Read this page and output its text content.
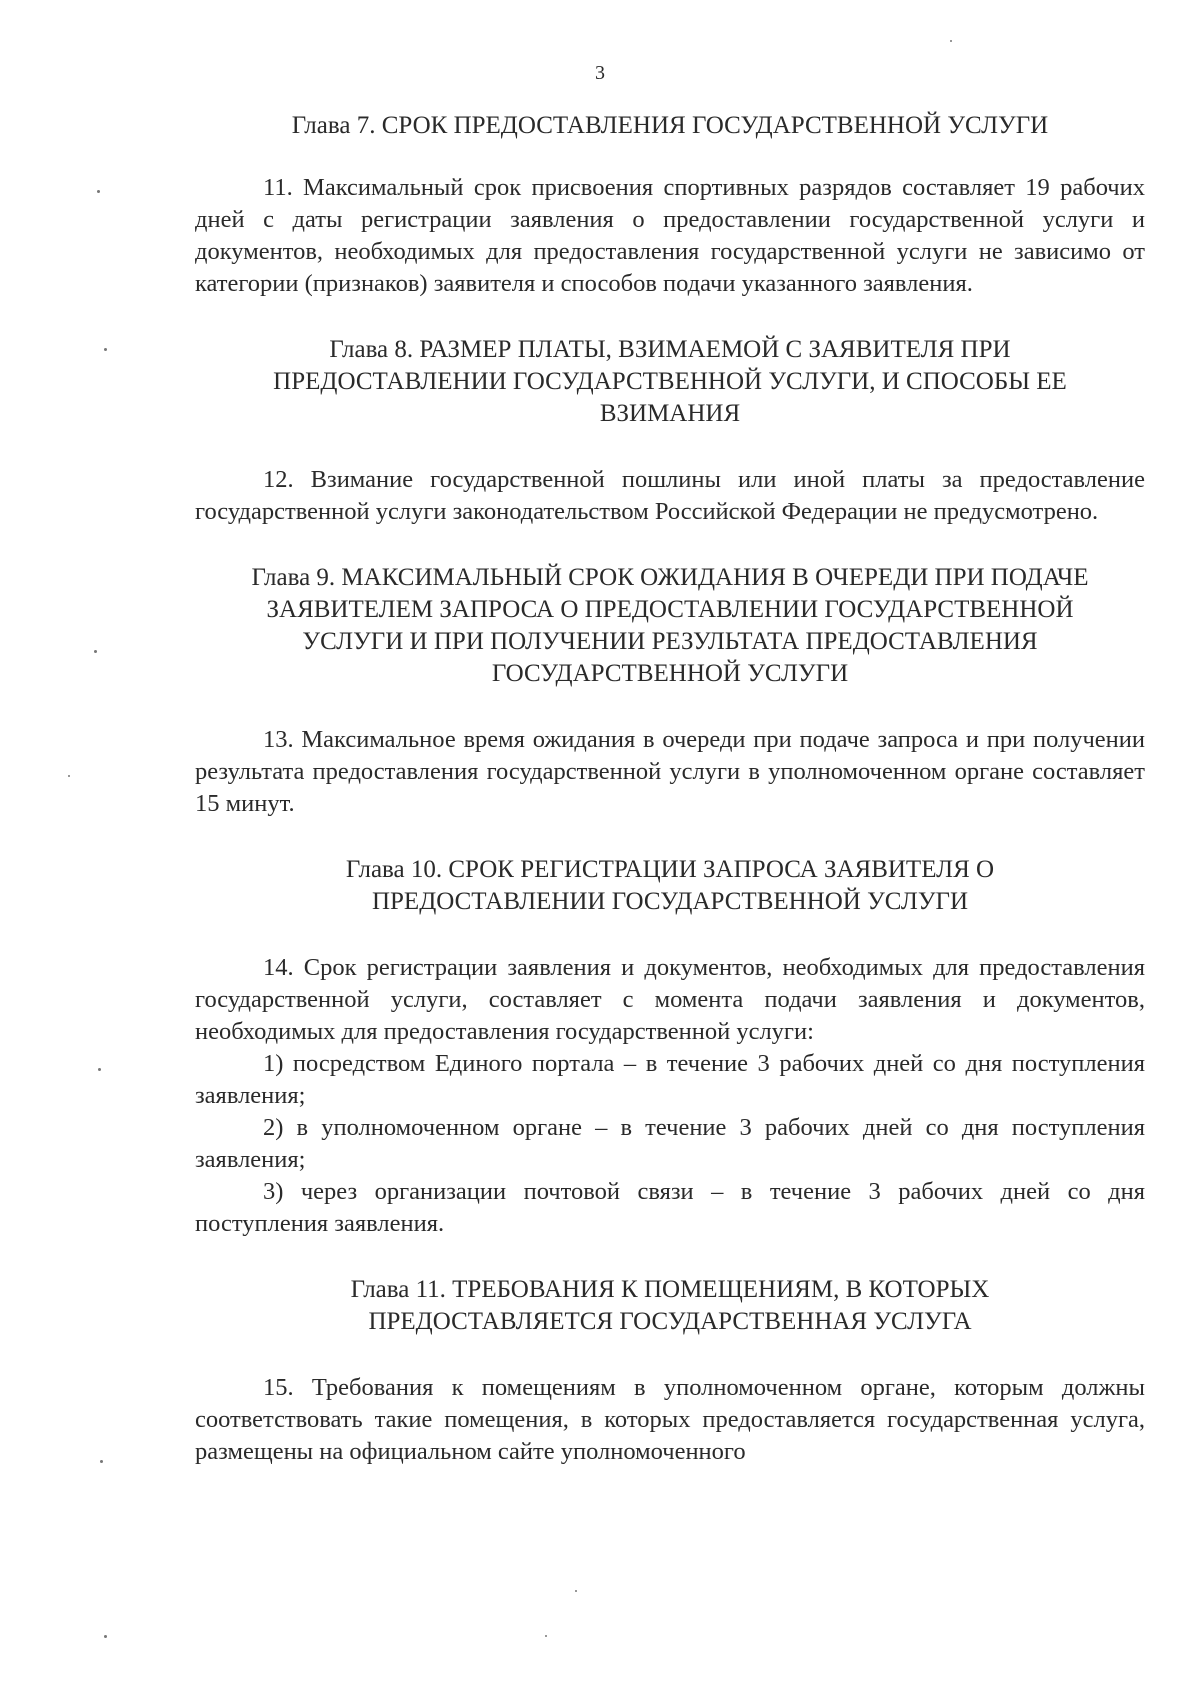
3

Глава 7. СРОК ПРЕДОСТАВЛЕНИЯ ГОСУДАРСТВЕННОЙ УСЛУГИ

11. Максимальный срок присвоения спортивных разрядов составляет 19 рабочих дней с даты регистрации заявления о предоставлении государственной услуги и документов, необходимых для предоставления государственной услуги не зависимо от категории (признаков) заявителя и способов подачи указанного заявления.

Глава 8. РАЗМЕР ПЛАТЫ, ВЗИМАЕМОЙ С ЗАЯВИТЕЛЯ ПРИ ПРЕДОСТАВЛЕНИИ ГОСУДАРСТВЕННОЙ УСЛУГИ, И СПОСОБЫ ЕЕ ВЗИМАНИЯ

12. Взимание государственной пошлины или иной платы за предоставление государственной услуги законодательством Российской Федерации не предусмотрено.

Глава 9. МАКСИМАЛЬНЫЙ СРОК ОЖИДАНИЯ В ОЧЕРЕДИ ПРИ ПОДАЧЕ ЗАЯВИТЕЛЕМ ЗАПРОСА О ПРЕДОСТАВЛЕНИИ ГОСУДАРСТВЕННОЙ УСЛУГИ И ПРИ ПОЛУЧЕНИИ РЕЗУЛЬТАТА ПРЕДОСТАВЛЕНИЯ ГОСУДАРСТВЕННОЙ УСЛУГИ

13. Максимальное время ожидания в очереди при подаче запроса и при получении результата предоставления государственной услуги в уполномоченном органе составляет 15 минут.

Глава 10. СРОК РЕГИСТРАЦИИ ЗАПРОСА ЗАЯВИТЕЛЯ О ПРЕДОСТАВЛЕНИИ ГОСУДАРСТВЕННОЙ УСЛУГИ

14. Срок регистрации заявления и документов, необходимых для предоставления государственной услуги, составляет с момента подачи заявления и документов, необходимых для предоставления государственной услуги:

1) посредством Единого портала – в течение 3 рабочих дней со дня поступления заявления;

2) в уполномоченном органе – в течение 3 рабочих дней со дня поступления заявления;

3) через организации почтовой связи – в течение 3 рабочих дней со дня поступления заявления.

Глава 11. ТРЕБОВАНИЯ К ПОМЕЩЕНИЯМ, В КОТОРЫХ ПРЕДОСТАВЛЯЕТСЯ ГОСУДАРСТВЕННАЯ УСЛУГА

15. Требования к помещениям в уполномоченном органе, которым должны соответствовать такие помещения, в которых предоставляется государственная услуга, размещены на официальном сайте уполномоченного
